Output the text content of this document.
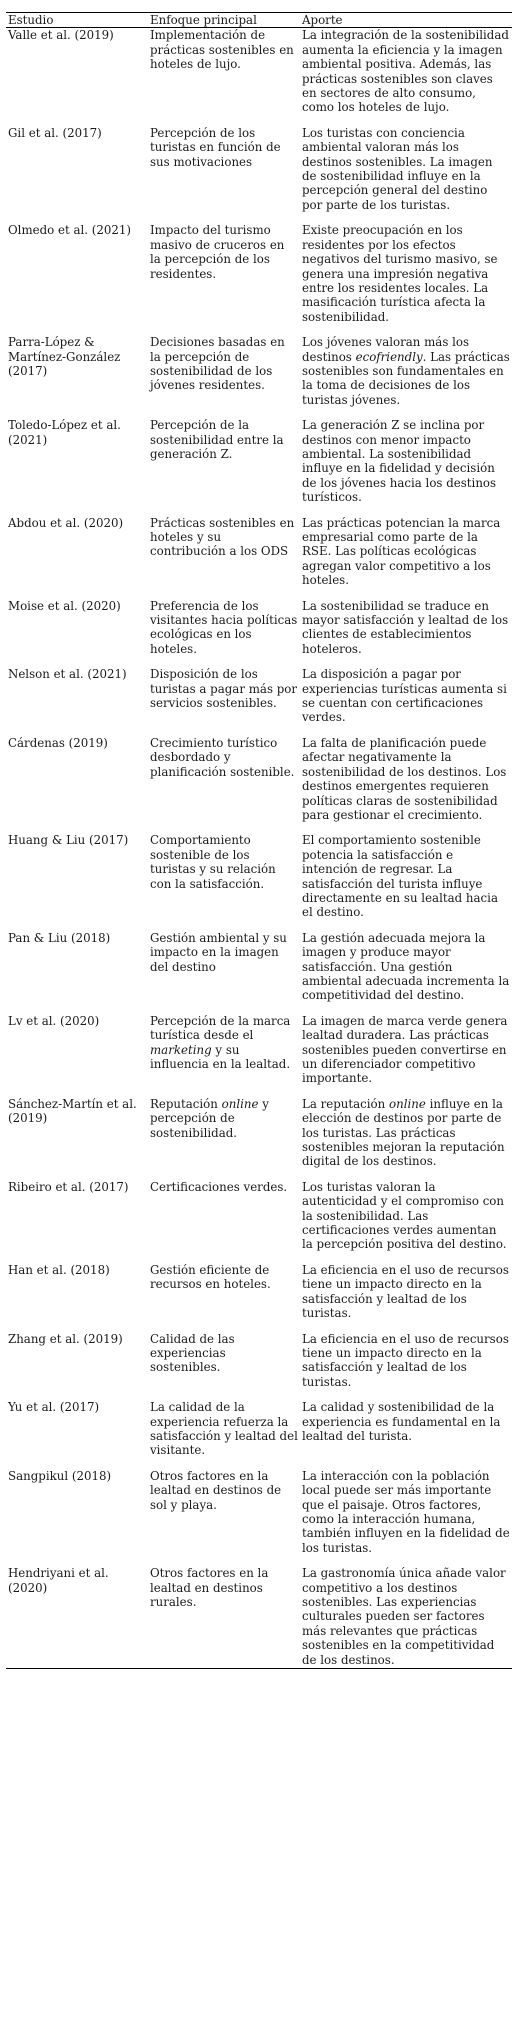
Estudio	Enfoque principal	Aporte
Valle et al. (2019)	Implementación de prácticas sostenibles en hoteles de lujo.	La integración de la sostenibilidad aumenta la eficiencia y la imagen ambiental positiva. Además, las prácticas sostenibles son claves en sectores de alto consumo, como los hoteles de lujo.
Gil et al. (2017)	Percepción de los turistas en función de sus motivaciones	Los turistas con conciencia ambiental valoran más los destinos sostenibles. La imagen de sostenibilidad influye en la percepción general del destino por parte de los turistas.
Olmedo et al. (2021)	Impacto del turismo masivo de cruceros en la percepción de los residentes.	Existe preocupación en los residentes por los efectos negativos del turismo masivo, se genera una impresión negativa entre los residentes locales. La masificación turística afecta la sostenibilidad.
Parra-López & Martínez-González (2017)	Decisiones basadas en la percepción de sostenibilidad de los jóvenes residentes.	Los jóvenes valoran más los destinos ecofriendly. Las prácticas sostenibles son fundamentales en la toma de decisiones de los turistas jóvenes.
Toledo-López et al. (2021)	Percepción de la sostenibilidad entre la generación Z.	La generación Z se inclina por destinos con menor impacto ambiental. La sostenibilidad influye en la fidelidad y decisión de los jóvenes hacia los destinos turísticos.
Abdou et al. (2020)	Prácticas sostenibles en hoteles y su contribución a los ODS	Las prácticas potencian la marca empresarial como parte de la RSE. Las políticas ecológicas agregan valor competitivo a los hoteles.
Moise et al. (2020)	Preferencia de los visitantes hacia políticas ecológicas en los hoteles.	La sostenibilidad se traduce en mayor satisfacción y lealtad de los clientes de establecimientos hoteleros.
Nelson et al. (2021)	Disposición de los turistas a pagar más por servicios sostenibles.	La disposición a pagar por experiencias turísticas aumenta si se cuentan con certificaciones verdes.
Cárdenas (2019)	Crecimiento turístico desbordado y planificación sostenible.	La falta de planificación puede afectar negativamente la sostenibilidad de los destinos. Los destinos emergentes requieren políticas claras de sostenibilidad para gestionar el crecimiento.
Huang & Liu (2017)	Comportamiento sostenible de los turistas y su relación con la satisfacción.	El comportamiento sostenible potencia la satisfacción e intención de regresar. La satisfacción del turista influye directamente en su lealtad hacia el destino.
Pan & Liu (2018)	Gestión ambiental y su impacto en la imagen del destino	La gestión adecuada mejora la imagen y produce mayor satisfacción. Una gestión ambiental adecuada incrementa la competitividad del destino.
Lv et al. (2020)	Percepción de la marca turística desde el marketing y su influencia en la lealtad.	La imagen de marca verde genera lealtad duradera. Las prácticas sostenibles pueden convertirse en un diferenciador competitivo importante.
Sánchez-Martín et al. (2019)	Reputación online y percepción de sostenibilidad.	La reputación online influye en la elección de destinos por parte de los turistas. Las prácticas sostenibles mejoran la reputación digital de los destinos.
Ribeiro et al. (2017)	Certificaciones verdes.	Los turistas valoran la autenticidad y el compromiso con la sostenibilidad. Las certificaciones verdes aumentan la percepción positiva del destino.
Han et al. (2018)	Gestión eficiente de recursos en hoteles.	La eficiencia en el uso de recursos tiene un impacto directo en la satisfacción y lealtad de los turistas.
Zhang et al. (2019)	Calidad de las experiencias sostenibles.	La eficiencia en el uso de recursos tiene un impacto directo en la satisfacción y lealtad de los turistas.
Yu et al. (2017)	La calidad de la experiencia refuerza la satisfacción y lealtad del visitante.	La calidad y sostenibilidad de la experiencia es fundamental en la lealtad del turista.
Sangpikul (2018)	Otros factores en la lealtad en destinos de sol y playa.	La interacción con la población local puede ser más importante que el paisaje. Otros factores, como la interacción humana, también influyen en la fidelidad de los turistas.
Hendriyani et al. (2020)	Otros factores en la lealtad en destinos rurales.	La gastronomía única añade valor competitivo a los destinos sostenibles. Las experiencias culturales pueden ser factores más relevantes que prácticas sostenibles en la competitividad de los destinos.
